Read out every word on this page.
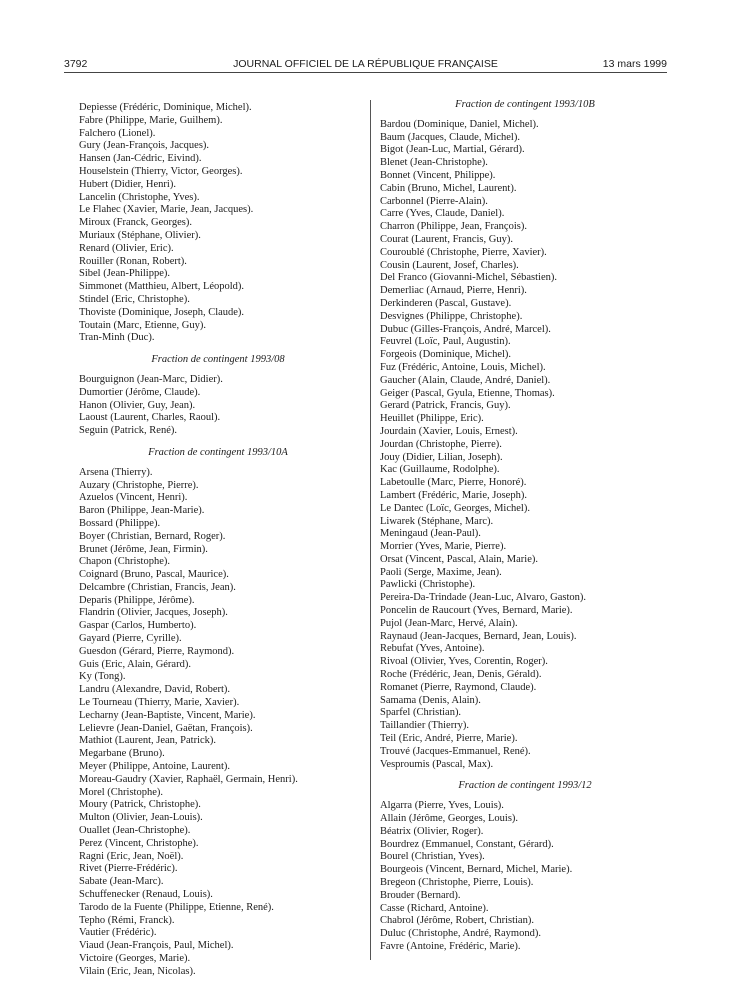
3792	JOURNAL OFFICIEL DE LA RÉPUBLIQUE FRANÇAISE	13 mars 1999
Depiesse (Frédéric, Dominique, Michel).
Fabre (Philippe, Marie, Guilhem).
Falchero (Lionel).
Gury (Jean-François, Jacques).
Hansen (Jan-Cédric, Eivind).
Houselstein (Thierry, Victor, Georges).
Hubert (Didier, Henri).
Lancelin (Christophe, Yves).
Le Flahec (Xavier, Marie, Jean, Jacques).
Miroux (Franck, Georges).
Muriaux (Stéphane, Olivier).
Renard (Olivier, Eric).
Rouiller (Ronan, Robert).
Sibel (Jean-Philippe).
Simmonet (Matthieu, Albert, Léopold).
Stindel (Eric, Christophe).
Thoviste (Dominique, Joseph, Claude).
Toutain (Marc, Etienne, Guy).
Tran-Minh (Duc).
Fraction de contingent 1993/08
Bourguignon (Jean-Marc, Didier).
Dumortier (Jérôme, Claude).
Hanon (Olivier, Guy, Jean).
Laoust (Laurent, Charles, Raoul).
Seguin (Patrick, René).
Fraction de contingent 1993/10A
Arsena (Thierry).
Auzary (Christophe, Pierre).
Azuelos (Vincent, Henri).
Baron (Philippe, Jean-Marie).
Bossard (Philippe).
Boyer (Christian, Bernard, Roger).
Brunet (Jérôme, Jean, Firmin).
Chapon (Christophe).
Coignard (Bruno, Pascal, Maurice).
Delcambre (Christian, Francis, Jean).
Deparis (Philippe, Jérôme).
Flandrin (Olivier, Jacques, Joseph).
Gaspar (Carlos, Humberto).
Gayard (Pierre, Cyrille).
Guesdon (Gérard, Pierre, Raymond).
Guis (Eric, Alain, Gérard).
Ky (Tong).
Landru (Alexandre, David, Robert).
Le Tourneau (Thierry, Marie, Xavier).
Lecharny (Jean-Baptiste, Vincent, Marie).
Lelievre (Jean-Daniel, Gaëtan, François).
Mathiot (Laurent, Jean, Patrick).
Megarbane (Bruno).
Meyer (Philippe, Antoine, Laurent).
Moreau-Gaudry (Xavier, Raphaël, Germain, Henri).
Morel (Christophe).
Moury (Patrick, Christophe).
Multon (Olivier, Jean-Louis).
Ouallet (Jean-Christophe).
Perez (Vincent, Christophe).
Ragni (Eric, Jean, Noël).
Rivet (Pierre-Frédéric).
Sabate (Jean-Marc).
Schuffenecker (Renaud, Louis).
Tarodo de la Fuente (Philippe, Etienne, René).
Tepho (Rémi, Franck).
Vautier (Frédéric).
Viaud (Jean-François, Paul, Michel).
Victoire (Georges, Marie).
Vilain (Eric, Jean, Nicolas).
Fraction de contingent 1993/10B
Bardou (Dominique, Daniel, Michel).
Baum (Jacques, Claude, Michel).
Bigot (Jean-Luc, Martial, Gérard).
Blenet (Jean-Christophe).
Bonnet (Vincent, Philippe).
Cabin (Bruno, Michel, Laurent).
Carbonnel (Pierre-Alain).
Carre (Yves, Claude, Daniel).
Charron (Philippe, Jean, François).
Courat (Laurent, Francis, Guy).
Couroublé (Christophe, Pierre, Xavier).
Cousin (Laurent, Josef, Charles).
Del Franco (Giovanni-Michel, Sébastien).
Demerliac (Arnaud, Pierre, Henri).
Derkinderen (Pascal, Gustave).
Desvignes (Philippe, Christophe).
Dubuc (Gilles-François, André, Marcel).
Feuvrel (Loïc, Paul, Augustin).
Forgeois (Dominique, Michel).
Fuz (Frédéric, Antoine, Louis, Michel).
Gaucher (Alain, Claude, André, Daniel).
Geiger (Pascal, Gyula, Etienne, Thomas).
Gerard (Patrick, Francis, Guy).
Heuillet (Philippe, Eric).
Jourdain (Xavier, Louis, Ernest).
Jourdan (Christophe, Pierre).
Jouy (Didier, Lilian, Joseph).
Kac (Guillaume, Rodolphe).
Labetoulle (Marc, Pierre, Honoré).
Lambert (Frédéric, Marie, Joseph).
Le Dantec (Loïc, Georges, Michel).
Liwarek (Stéphane, Marc).
Meningaud (Jean-Paul).
Morrier (Yves, Marie, Pierre).
Orsat (Vincent, Pascal, Alain, Marie).
Paoli (Serge, Maxime, Jean).
Pawlicki (Christophe).
Pereira-Da-Trindade (Jean-Luc, Alvaro, Gaston).
Poncelin de Raucourt (Yves, Bernard, Marie).
Pujol (Jean-Marc, Hervé, Alain).
Raynaud (Jean-Jacques, Bernard, Jean, Louis).
Rebufat (Yves, Antoine).
Rivoal (Olivier, Yves, Corentin, Roger).
Roche (Frédéric, Jean, Denis, Gérald).
Romanet (Pierre, Raymond, Claude).
Samama (Denis, Alain).
Sparfel (Christian).
Taillandier (Thierry).
Teil (Eric, André, Pierre, Marie).
Trouvé (Jacques-Emmanuel, René).
Vesproumis (Pascal, Max).
Fraction de contingent 1993/12
Algarra (Pierre, Yves, Louis).
Allain (Jérôme, Georges, Louis).
Béatrix (Olivier, Roger).
Bourdrez (Emmanuel, Constant, Gérard).
Bourel (Christian, Yves).
Bourgeois (Vincent, Bernard, Michel, Marie).
Bregeon (Christophe, Pierre, Louis).
Brouder (Bernard).
Casse (Richard, Antoine).
Chabrol (Jérôme, Robert, Christian).
Duluc (Christophe, André, Raymond).
Favre (Antoine, Frédéric, Marie).
